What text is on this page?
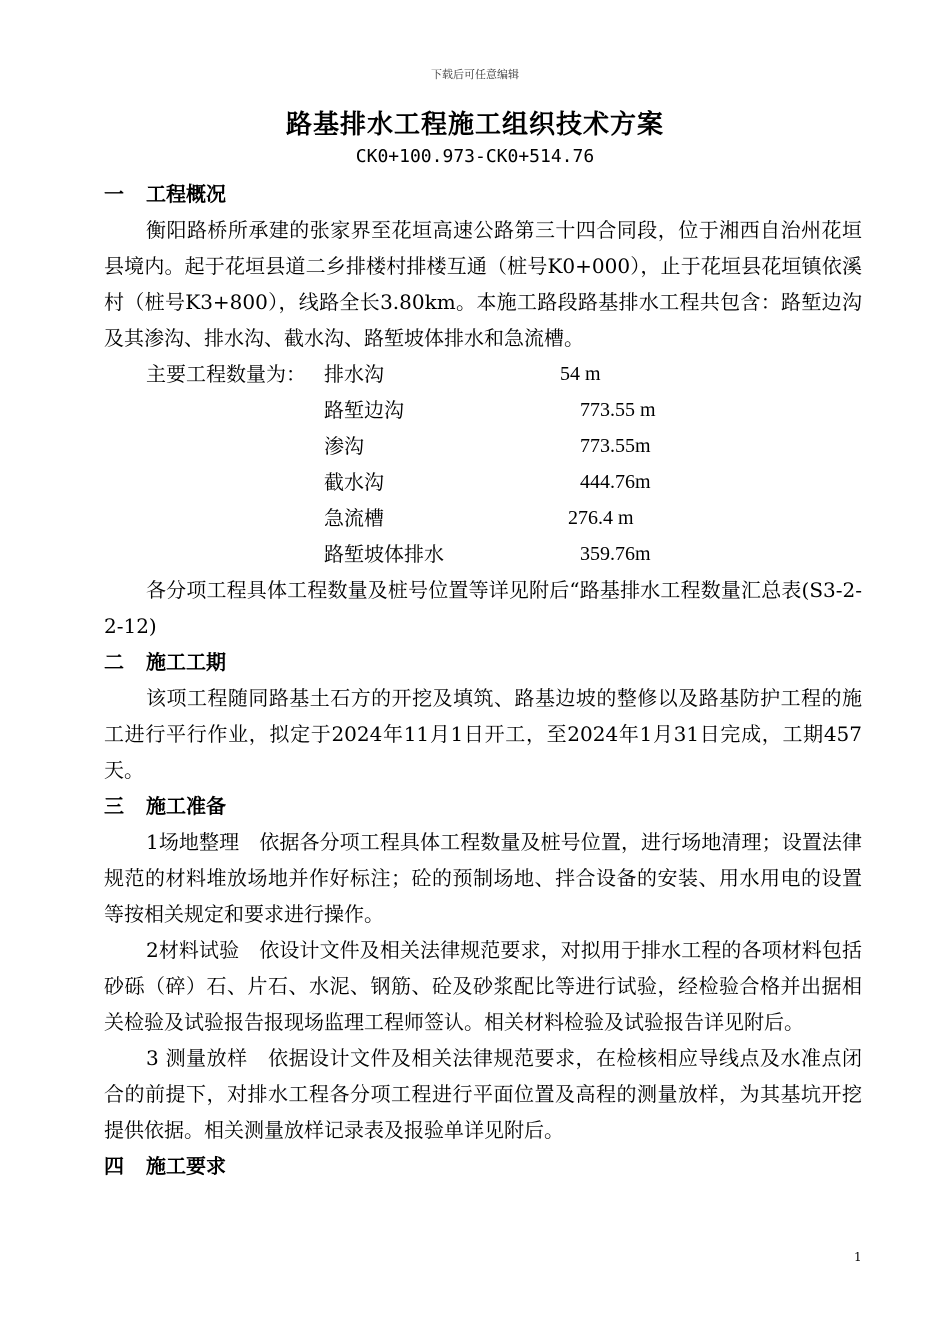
下载后可任意编辑
路基排水工程施工组织技术方案
CK0+100.973-CK0+514.76
一 工程概况

衡阳路桥所承建的张家界至花垣高速公路第三十四合同段，位于湘西自治州花垣县境内。起于花垣县道二乡排楼村排楼互通（桩号K0+000），止于花垣县花垣镇依溪村（桩号K3+800），线路全长3.80km。本施工路段路基排水工程共包含：路堑边沟及其渗沟、排水沟、截水沟、路堑坡体排水和急流槽。

主要工程数量为： 排水沟	54 m
路堑边沟	773.55 m
渗沟	773.55m
截水沟	444.76m
急流槽	276.4 m
路堑坡体排水	359.76m

各分项工程具体工程数量及桩号位置等详见附后“路基排水工程数量汇总表(S3-2-2-12)

二 施工工期

该项工程随同路基土石方的开挖及填筑、路基边坡的整修以及路基防护工程的施工进行平行作业，拟定于2024年11月1日开工，至2024年1月31日完成，工期457天。

三 施工准备

1场地整理　依据各分项工程具体工程数量及桩号位置，进行场地清理；设置法律规范的材料堆放场地并作好标注；砼的预制场地、拌合设备的安装、用水用电的设置等按相关规定和要求进行操作。

2材料试验　依设计文件及相关法律规范要求，对拟用于排水工程的各项材料包括砂砾（碎）石、片石、水泥、钢筋、砼及砂浆配比等进行试验，经检验合格并出据相关检验及试验报告报现场监理工程师签认。相关材料检验及试验报告详见附后。

3 测量放样　依据设计文件及相关法律规范要求，在检核相应导线点及水准点闭合的前提下，对排水工程各分项工程进行平面位置及高程的测量放样，为其基坑开挖提供依据。相关测量放样记录表及报验单详见附后。

四 施工要求
1
